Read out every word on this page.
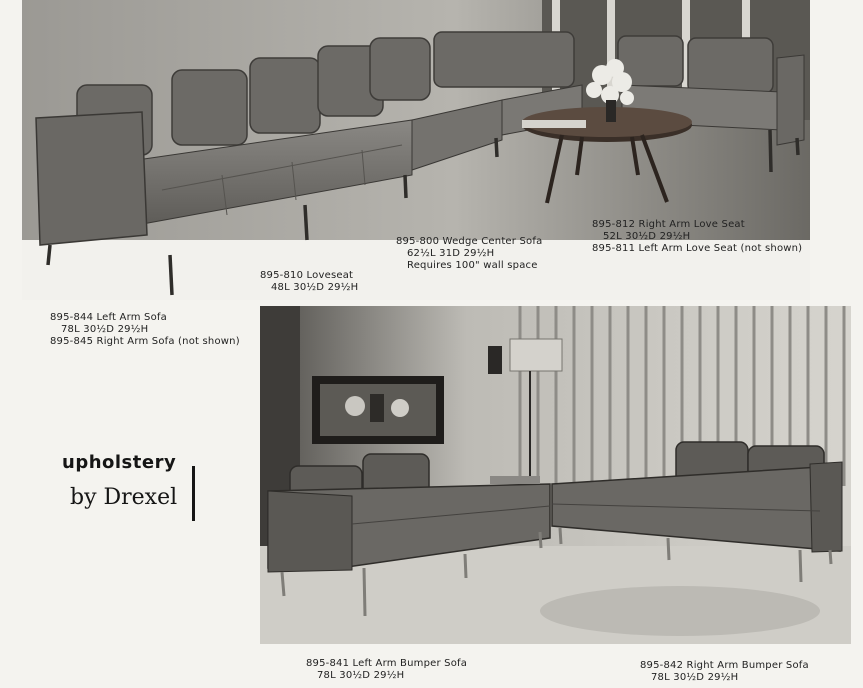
895-844 Left Arm Sofa
78L 30½D 29½H
895-845 Right Arm Sofa (not shown)
895-810 Loveseat
48L 30½D 29½H
895-800 Wedge Center Sofa
62½L 31D 29½H
Requires 100" wall space
895-812 Right Arm Love Seat
52L 30½D 29½H
895-811 Left Arm Love Seat (not shown)
upholstery
by Drexel
895-841 Left Arm Bumper Sofa
78L 30½D 29½H
895-842 Right Arm Bumper Sofa
78L 30½D 29½H
